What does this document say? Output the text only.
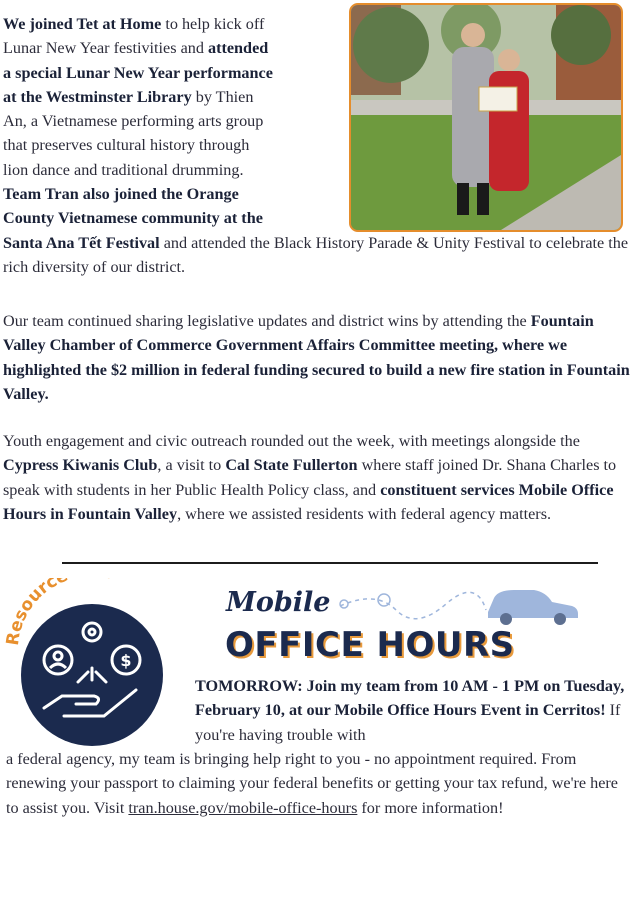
We joined Tet at Home to help kick off Lunar New Year festivities and attended a special Lunar New Year performance at the Westminster Library by Thien An, a Vietnamese performing arts group that preserves cultural history through lion dance and traditional drumming. Team Tran also joined the Orange County Vietnamese community at the Santa Ana Tết Festival and attended the Black History Parade & Unity Festival to celebrate the rich diversity of our district.

Our team continued sharing legislative updates and district wins by attending the Fountain Valley Chamber of Commerce Government Affairs Committee meeting, where we highlighted the $2 million in federal funding secured to build a new fire station in Fountain Valley.

Youth engagement and civic outreach rounded out the week, with meetings alongside the Cypress Kiwanis Club, a visit to Cal State Fullerton where staff joined Dr. Shana Charles to speak with students in her Public Health Policy class, and constituent services Mobile Office Hours in Fountain Valley, where we assisted residents with federal agency matters.

Resourc
$
Mobile
OFFICE HOURS

TOMORROW: Join my team from 10 AM - 1 PM on Tuesday, February 10, at our Mobile Office Hours Event in Cerritos! If you're having trouble with

a federal agency, my team is bringing help right to you - no appointment required. From renewing your passport to claiming your federal benefits or getting your tax refund, we're here to assist you. Visit tran.house.gov/mobile-office-hours for more information!
